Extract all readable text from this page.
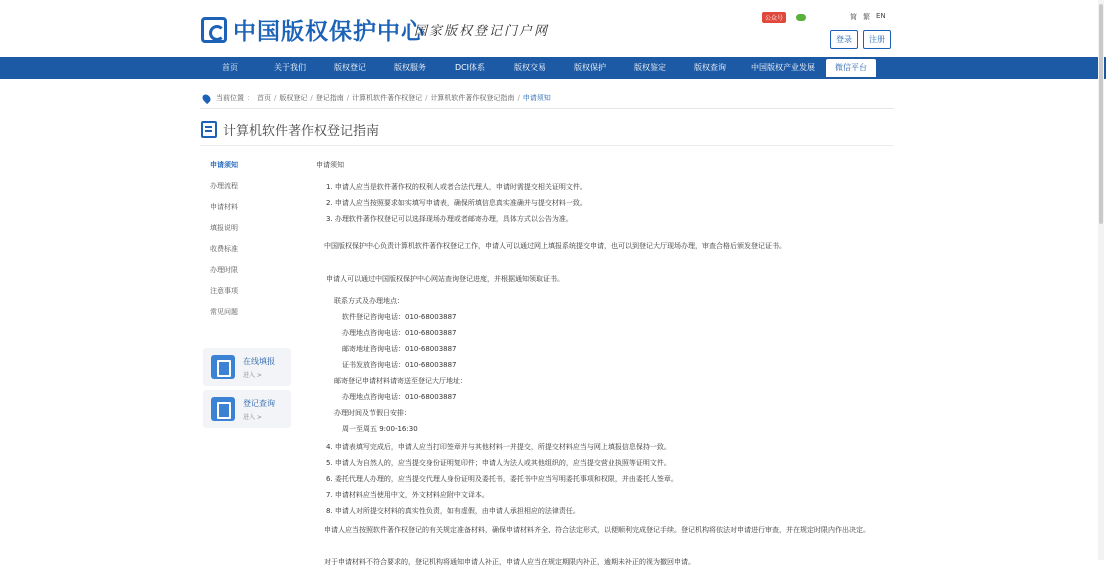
中国版权保护中心
国家版权登记门户网
公众号	简 繁 EN
登录	注册
首页	关于我们	版权登记	版权服务	DCI体系	版权交易	版权保护	版权鉴定	版权查询	中国版权产业发展	微信平台
当前位置 ： 首页 / 版权登记 / 登记指南 / 计算机软件著作权登记 / 计算机软件著作权登记指南 / 申请须知
计算机软件著作权登记指南
申请须知
办理流程
申请材料
填报说明
收费标准
办理时限
注意事项
常见问题
在线填报
进入 >
登记查询
进入 >
申请须知
1. 申请人应当是软件著作权的权利人或者合法代理人，申请时需提交相关证明文件。
2. 申请人应当按照要求如实填写申请表，确保所填信息真实准确并与提交材料一致。
3. 办理软件著作权登记可以选择现场办理或者邮寄办理，具体方式以公告为准。
中国版权保护中心负责计算机软件著作权登记工作，申请人可以通过网上填报系统提交申请，也可以到登记大厅现场办理，审查合格后颁发登记证书。
申请人可以通过中国版权保护中心网站查询登记进度，并根据通知领取证书。
联系方式及办理地点：
软件登记咨询电话：010-68003887
办理地点咨询电话：010-68003887
邮寄地址咨询电话：010-68003887
证书发放咨询电话：010-68003887
邮寄登记申请材料请寄送至登记大厅地址：
办理地点咨询电话：010-68003887
办理时间及节假日安排：
周一至周五 9:00-16:30
4. 申请表填写完成后，申请人应当打印签章并与其他材料一并提交，所提交材料应当与网上填报信息保持一致。
5. 申请人为自然人的，应当提交身份证明复印件；申请人为法人或其他组织的，应当提交营业执照等证明文件。
6. 委托代理人办理的，应当提交代理人身份证明及委托书，委托书中应当写明委托事项和权限，并由委托人签章。
7. 申请材料应当使用中文，外文材料应附中文译本。
8. 申请人对所提交材料的真实性负责，如有虚假，由申请人承担相应的法律责任。
申请人应当按照软件著作权登记的有关规定准备材料，确保申请材料齐全、符合法定形式，以便顺利完成登记手续。登记机构将依法对申请进行审查，并在规定时限内作出决定。
对于申请材料不符合要求的，登记机构将通知申请人补正，申请人应当在规定期限内补正，逾期未补正的视为撤回申请。
